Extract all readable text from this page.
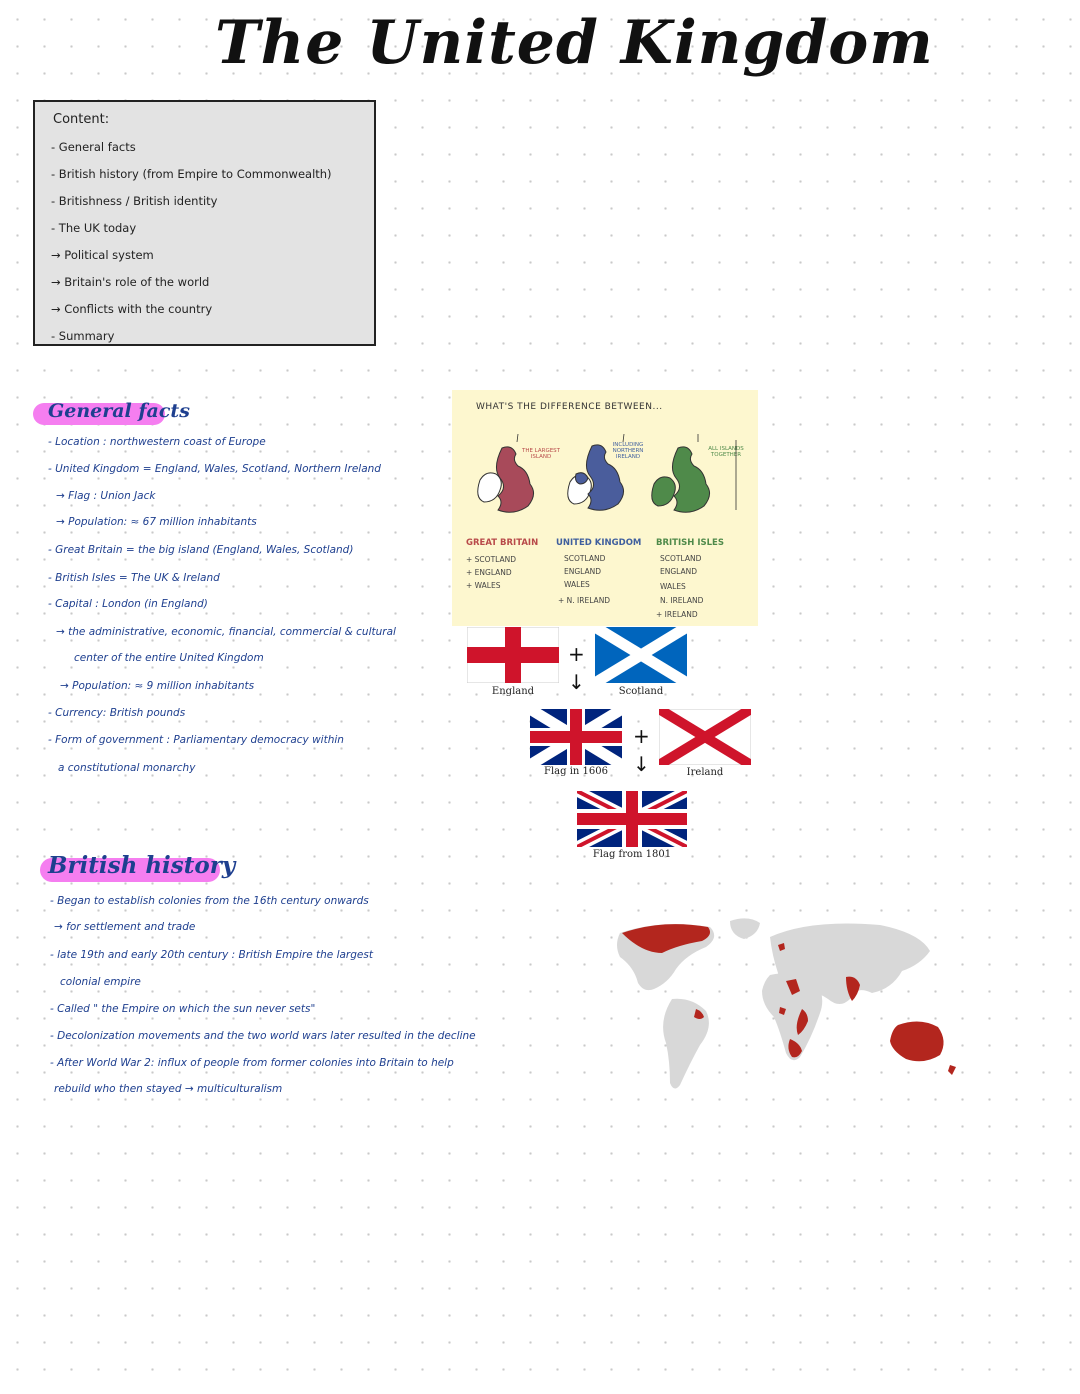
The United Kingdom
Content:
- General facts
- British history (from Empire to Commonwealth)
- Britishness / British identity
- The UK today
→ Political system
→ Britain's role of the world
→ Conflicts with the country
- Summary
General facts
- Location : northwestern coast of Europe
- United Kingdom = England, Wales, Scotland, Northern Ireland
→ Flag : Union Jack
→ Population: ≈ 67 million inhabitants
- Great Britain = the big island (England, Wales, Scotland)
- British Isles = The UK & Ireland
- Capital : London (in England)
→ the administrative, economic, financial, commercial & cultural
center of the entire United Kingdom
→ Population: ≈ 9 million inhabitants
- Currency: British pounds
- Form of government : Parliamentary democracy within
a constitutional monarchy
WHAT'S THE DIFFERENCE BETWEEN...
THE LARGEST ISLAND
INCLUDING NORTHERN IRELAND
ALL ISLANDS TOGETHER
GREAT BRITAIN
+ SCOTLAND
+ ENGLAND
+ WALES
UNITED KINGDOM
SCOTLAND
ENGLAND
WALES
+ N. IRELAND
BRITISH ISLES
SCOTLAND
ENGLAND
WALES
N. IRELAND
+ IRELAND
England
+
↓	Scotland
Flag in 1606
+
↓	Ireland
Flag from 1801
British history
- Began to establish colonies from the 16th century onwards
→ for settlement and trade
- late 19th and early 20th century : British Empire the largest
colonial empire
- Called " the Empire on which the sun never sets"
- Decolonization movements and the two world wars later resulted in the decline
- After World War 2: influx of people from former colonies into Britain to help
rebuild who then stayed → multiculturalism
